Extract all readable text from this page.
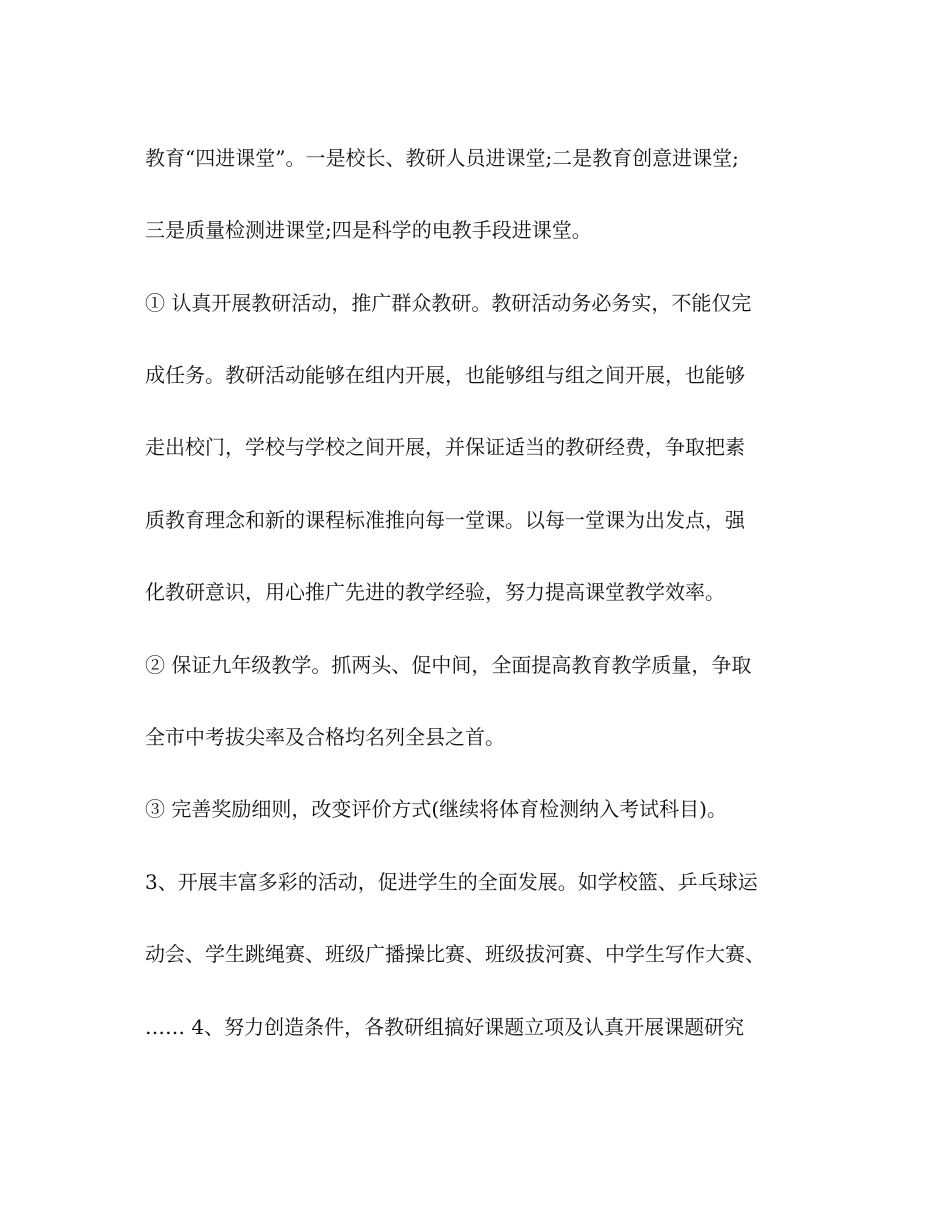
教育“四进课堂”。一是校长、教研人员进课堂;二是教育创意进课堂;
三是质量检测进课堂;四是科学的电教手段进课堂。
① 认真开展教研活动，推广群众教研。教研活动务必务实，不能仅完
成任务。教研活动能够在组内开展，也能够组与组之间开展，也能够
走出校门，学校与学校之间开展，并保证适当的教研经费，争取把素
质教育理念和新的课程标准推向每一堂课。以每一堂课为出发点，强
化教研意识，用心推广先进的教学经验，努力提高课堂教学效率。
② 保证九年级教学。抓两头、促中间，全面提高教育教学质量，争取
全市中考拔尖率及合格均名列全县之首。
③ 完善奖励细则，改变评价方式(继续将体育检测纳入考试科目)。
3、开展丰富多彩的活动，促进学生的全面发展。如学校篮、乒乓球运
动会、学生跳绳赛、班级广播操比赛、班级拔河赛、中学生写作大赛、
…… 4、努力创造条件，各教研组搞好课题立项及认真开展课题研究
